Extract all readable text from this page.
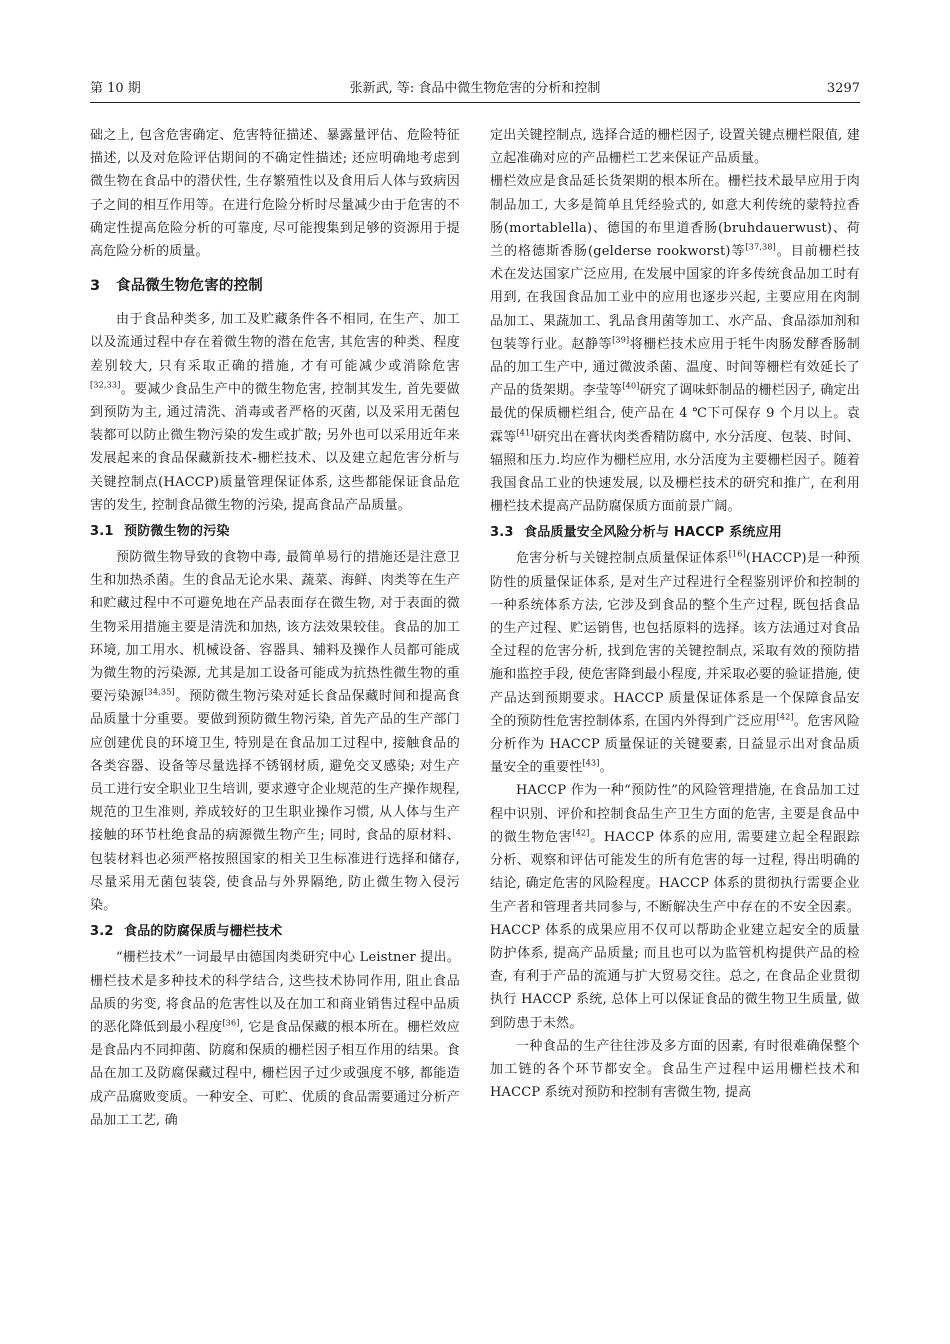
第 10 期	张新武, 等: 食品中微生物危害的分析和控制	3297

础之上, 包含危害确定、危害特征描述、暴露量评估、危险特征描述, 以及对危险评估期间的不确定性描述; 还应明确地考虑到微生物在食品中的潜伏性, 生存繁殖性以及食用后人体与致病因子之间的相互作用等。在进行危险分析时尽量减少由于危害的不确定性提高危险分析的可靠度, 尽可能搜集到足够的资源用于提高危险分析的质量。

3 食品微生物危害的控制

由于食品种类多, 加工及贮藏条件各不相同, 在生产、加工以及流通过程中存在着微生物的潜在危害, 其危害的种类、程度差别较大, 只有采取正确的措施, 才有可能减少或消除危害[32,33]。要减少食品生产中的微生物危害, 控制其发生, 首先要做到预防为主, 通过清洗、消毒或者严格的灭菌, 以及采用无菌包装都可以防止微生物污染的发生或扩散; 另外也可以采用近年来发展起来的食品保藏新技术-栅栏技术、以及建立起危害分析与关键控制点(HACCP)质量管理保证体系, 这些都能保证食品危害的发生, 控制食品微生物的污染, 提高食品产品质量。

3.1 预防微生物的污染

预防微生物导致的食物中毒, 最简单易行的措施还是注意卫生和加热杀菌。生的食品无论水果、蔬菜、海鲜、肉类等在生产和贮藏过程中不可避免地在产品表面存在微生物, 对于表面的微生物采用措施主要是清洗和加热, 该方法效果较佳。食品的加工环境, 加工用水、机械设备、容器具、辅料及操作人员都可能成为微生物的污染源, 尤其是加工设备可能成为抗热性微生物的重要污染源[34,35]。预防微生物污染对延长食品保藏时间和提高食品质量十分重要。要做到预防微生物污染, 首先产品的生产部门应创建优良的环境卫生, 特别是在食品加工过程中, 接触食品的各类容器、设备等尽量选择不锈钢材质, 避免交叉感染; 对生产员工进行安全职业卫生培训, 要求遵守企业规范的生产操作规程, 规范的卫生准则, 养成较好的卫生职业操作习惯, 从人体与生产接触的环节杜绝食品的病源微生物产生; 同时, 食品的原材料、包装材料也必须严格按照国家的相关卫生标准进行选择和储存, 尽量采用无菌包装袋, 使食品与外界隔绝, 防止微生物入侵污染。

3.2 食品的防腐保质与栅栏技术

“栅栏技术”一词最早由德国肉类研究中心 Leistner 提出。栅栏技术是多种技术的科学结合, 这些技术协同作用, 阻止食品品质的劣变, 将食品的危害性以及在加工和商业销售过程中品质的恶化降低到最小程度[36], 它是食品保藏的根本所在。栅栏效应是食品内不同抑菌、防腐和保质的栅栏因子相互作用的结果。食品在加工及防腐保藏过程中, 栅栏因子过少或强度不够, 都能造成产品腐败变质。一种安全、可贮、优质的食品需要通过分析产品加工工艺, 确

定出关键控制点, 选择合适的栅栏因子, 设置关键点栅栏限值, 建立起准确对应的产品栅栏工艺来保证产品质量。

栅栏效应是食品延长货架期的根本所在。栅栏技术最早应用于肉制品加工, 大多是简单且凭经验式的, 如意大利传统的蒙特拉香肠(mortablella)、德国的布里道香肠(bruhdauerwust)、荷兰的格德斯香肠(gelderse rookworst)等[37,38]。目前栅栏技术在发达国家广泛应用, 在发展中国家的许多传统食品加工时有用到, 在我国食品加工业中的应用也逐步兴起, 主要应用在肉制品加工、果蔬加工、乳品食用菌等加工、水产品、食品添加剂和包装等行业。赵静等[39]将栅栏技术应用于牦牛肉肠发酵香肠制品的加工生产中, 通过微波杀菌、温度、时间等栅栏有效延长了产品的货架期。李莹等[40]研究了调味虾制品的栅栏因子, 确定出最优的保质栅栏组合, 使产品在 4 ℃下可保存 9 个月以上。袁霖等[41]研究出在膏状肉类香精防腐中, 水分活度、包装、时间、辐照和压力.均应作为栅栏应用, 水分活度为主要栅栏因子。随着我国食品工业的快速发展, 以及栅栏技术的研究和推广, 在利用栅栏技术提高产品防腐保质方面前景广阔。

3.3 食品质量安全风险分析与 HACCP 系统应用

危害分析与关键控制点质量保证体系[16](HACCP)是一种预防性的质量保证体系, 是对生产过程进行全程鉴别评价和控制的一种系统体系方法, 它涉及到食品的整个生产过程, 既包括食品的生产过程、贮运销售, 也包括原料的选择。该方法通过对食品全过程的危害分析, 找到危害的关键控制点, 采取有效的预防措施和监控手段, 使危害降到最小程度, 并采取必要的验证措施, 使产品达到预期要求。HACCP 质量保证体系是一个保障食品安全的预防性危害控制体系, 在国内外得到广泛应用[42]。危害风险分析作为 HACCP 质量保证的关键要素, 日益显示出对食品质量安全的重要性[43]。

HACCP 作为一种“预防性”的风险管理措施, 在食品加工过程中识别、评价和控制食品生产卫生方面的危害, 主要是食品中的微生物危害[42]。HACCP 体系的应用, 需要建立起全程跟踪分析、观察和评估可能发生的所有危害的每一过程, 得出明确的结论, 确定危害的风险程度。HACCP 体系的贯彻执行需要企业生产者和管理者共同参与, 不断解决生产中存在的不安全因素。HACCP 体系的成果应用不仅可以帮助企业建立起安全的质量防护体系, 提高产品质量; 而且也可以为监管机构提供产品的检查, 有利于产品的流通与扩大贸易交往。总之, 在食品企业贯彻执行 HACCP 系统, 总体上可以保证食品的微生物卫生质量, 做到防患于未然。

一种食品的生产往往涉及多方面的因素, 有时很难确保整个加工链的各个环节都安全。食品生产过程中运用栅栏技术和 HACCP 系统对预防和控制有害微生物, 提高
